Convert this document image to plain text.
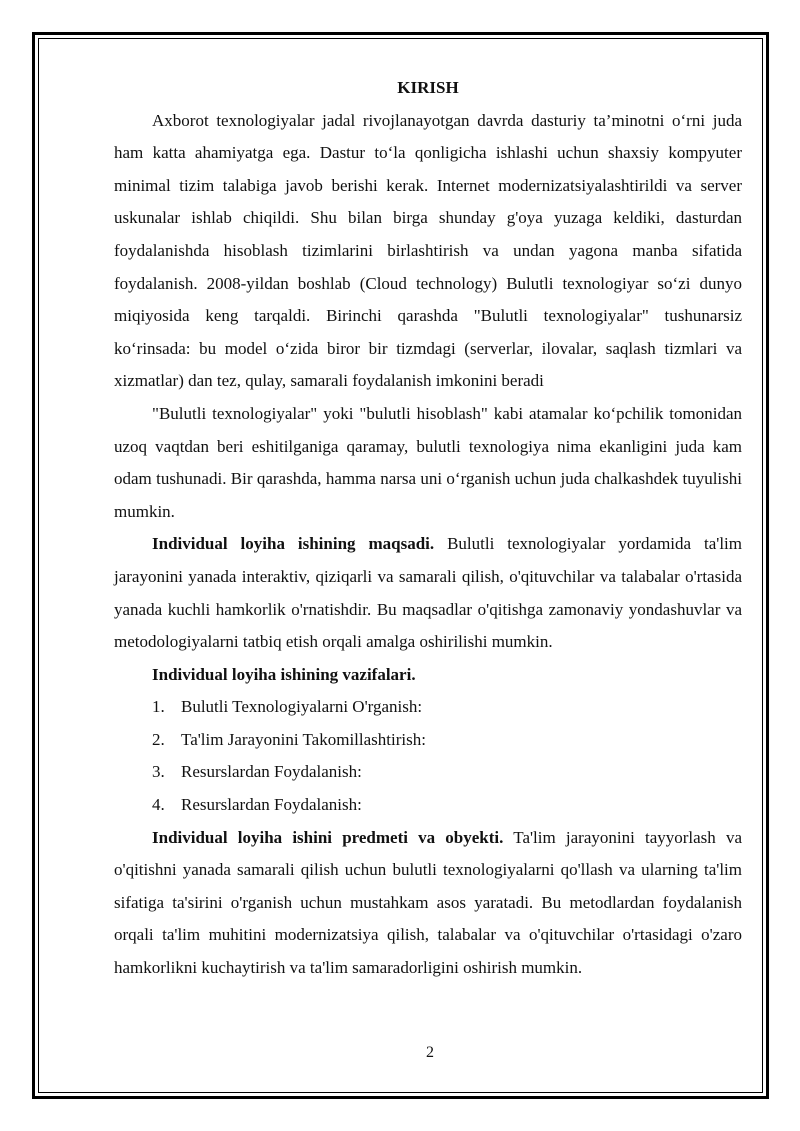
KIRISH

Axborot texnologiyalar jadal rivojlanayotgan davrda dasturiy ta’minotni o‘rni juda ham katta ahamiyatga ega. Dastur to‘la qonligicha ishlashi uchun shaxsiy kompyuter minimal tizim talabiga javob berishi kerak. Internet modernizatsiyalashtirildi va server uskunalar ishlab chiqildi. Shu bilan birga shunday g'oya yuzaga keldiki, dasturdan foydalanishda hisoblash tizimlarini birlashtirish va undan yagona manba sifatida foydalanish. 2008-yildan boshlab (Cloud technology) Bulutli texnologiyar so‘zi dunyo miqiyosida keng tarqaldi. Birinchi qarashda "Bulutli texnologiyalar" tushunarsiz ko‘rinsada: bu model o‘zida biror bir tizmdagi (serverlar, ilovalar, saqlash tizmlari va xizmatlar) dan tez, qulay, samarali foydalanish imkonini beradi

"Bulutli texnologiyalar" yoki "bulutli hisoblash" kabi atamalar ko‘pchilik tomonidan uzoq vaqtdan beri eshitilganiga qaramay, bulutli texnologiya nima ekanligini juda kam odam tushunadi. Bir qarashda, hamma narsa uni o‘rganish uchun juda chalkashdek tuyulishi mumkin.

Individual loyiha ishining maqsadi. Bulutli texnologiyalar yordamida ta'lim jarayonini yanada interaktiv, qiziqarli va samarali qilish, o'qituvchilar va talabalar o'rtasida yanada kuchli hamkorlik o'rnatishdir. Bu maqsadlar o'qitishga zamonaviy yondashuvlar va metodologiyalarni tatbiq etish orqali amalga oshirilishi mumkin.

Individual loyiha ishining vazifalari.

1. Bulutli Texnologiyalarni O'rganish:
2. Ta'lim Jarayonini Takomillashtirish:
3. Resurslardan Foydalanish:
4. Resurslardan Foydalanish:

Individual loyiha ishini predmeti va obyekti. Ta'lim jarayonini tayyorlash va o'qitishni yanada samarali qilish uchun bulutli texnologiyalarni qo'llash va ularning ta'lim sifatiga ta'sirini o'rganish uchun mustahkam asos yaratadi. Bu metodlardan foydalanish orqali ta'lim muhitini modernizatsiya qilish, talabalar va o'qituvchilar o'rtasidagi o'zaro hamkorlikni kuchaytirish va ta'lim samaradorligini oshirish mumkin.

2
